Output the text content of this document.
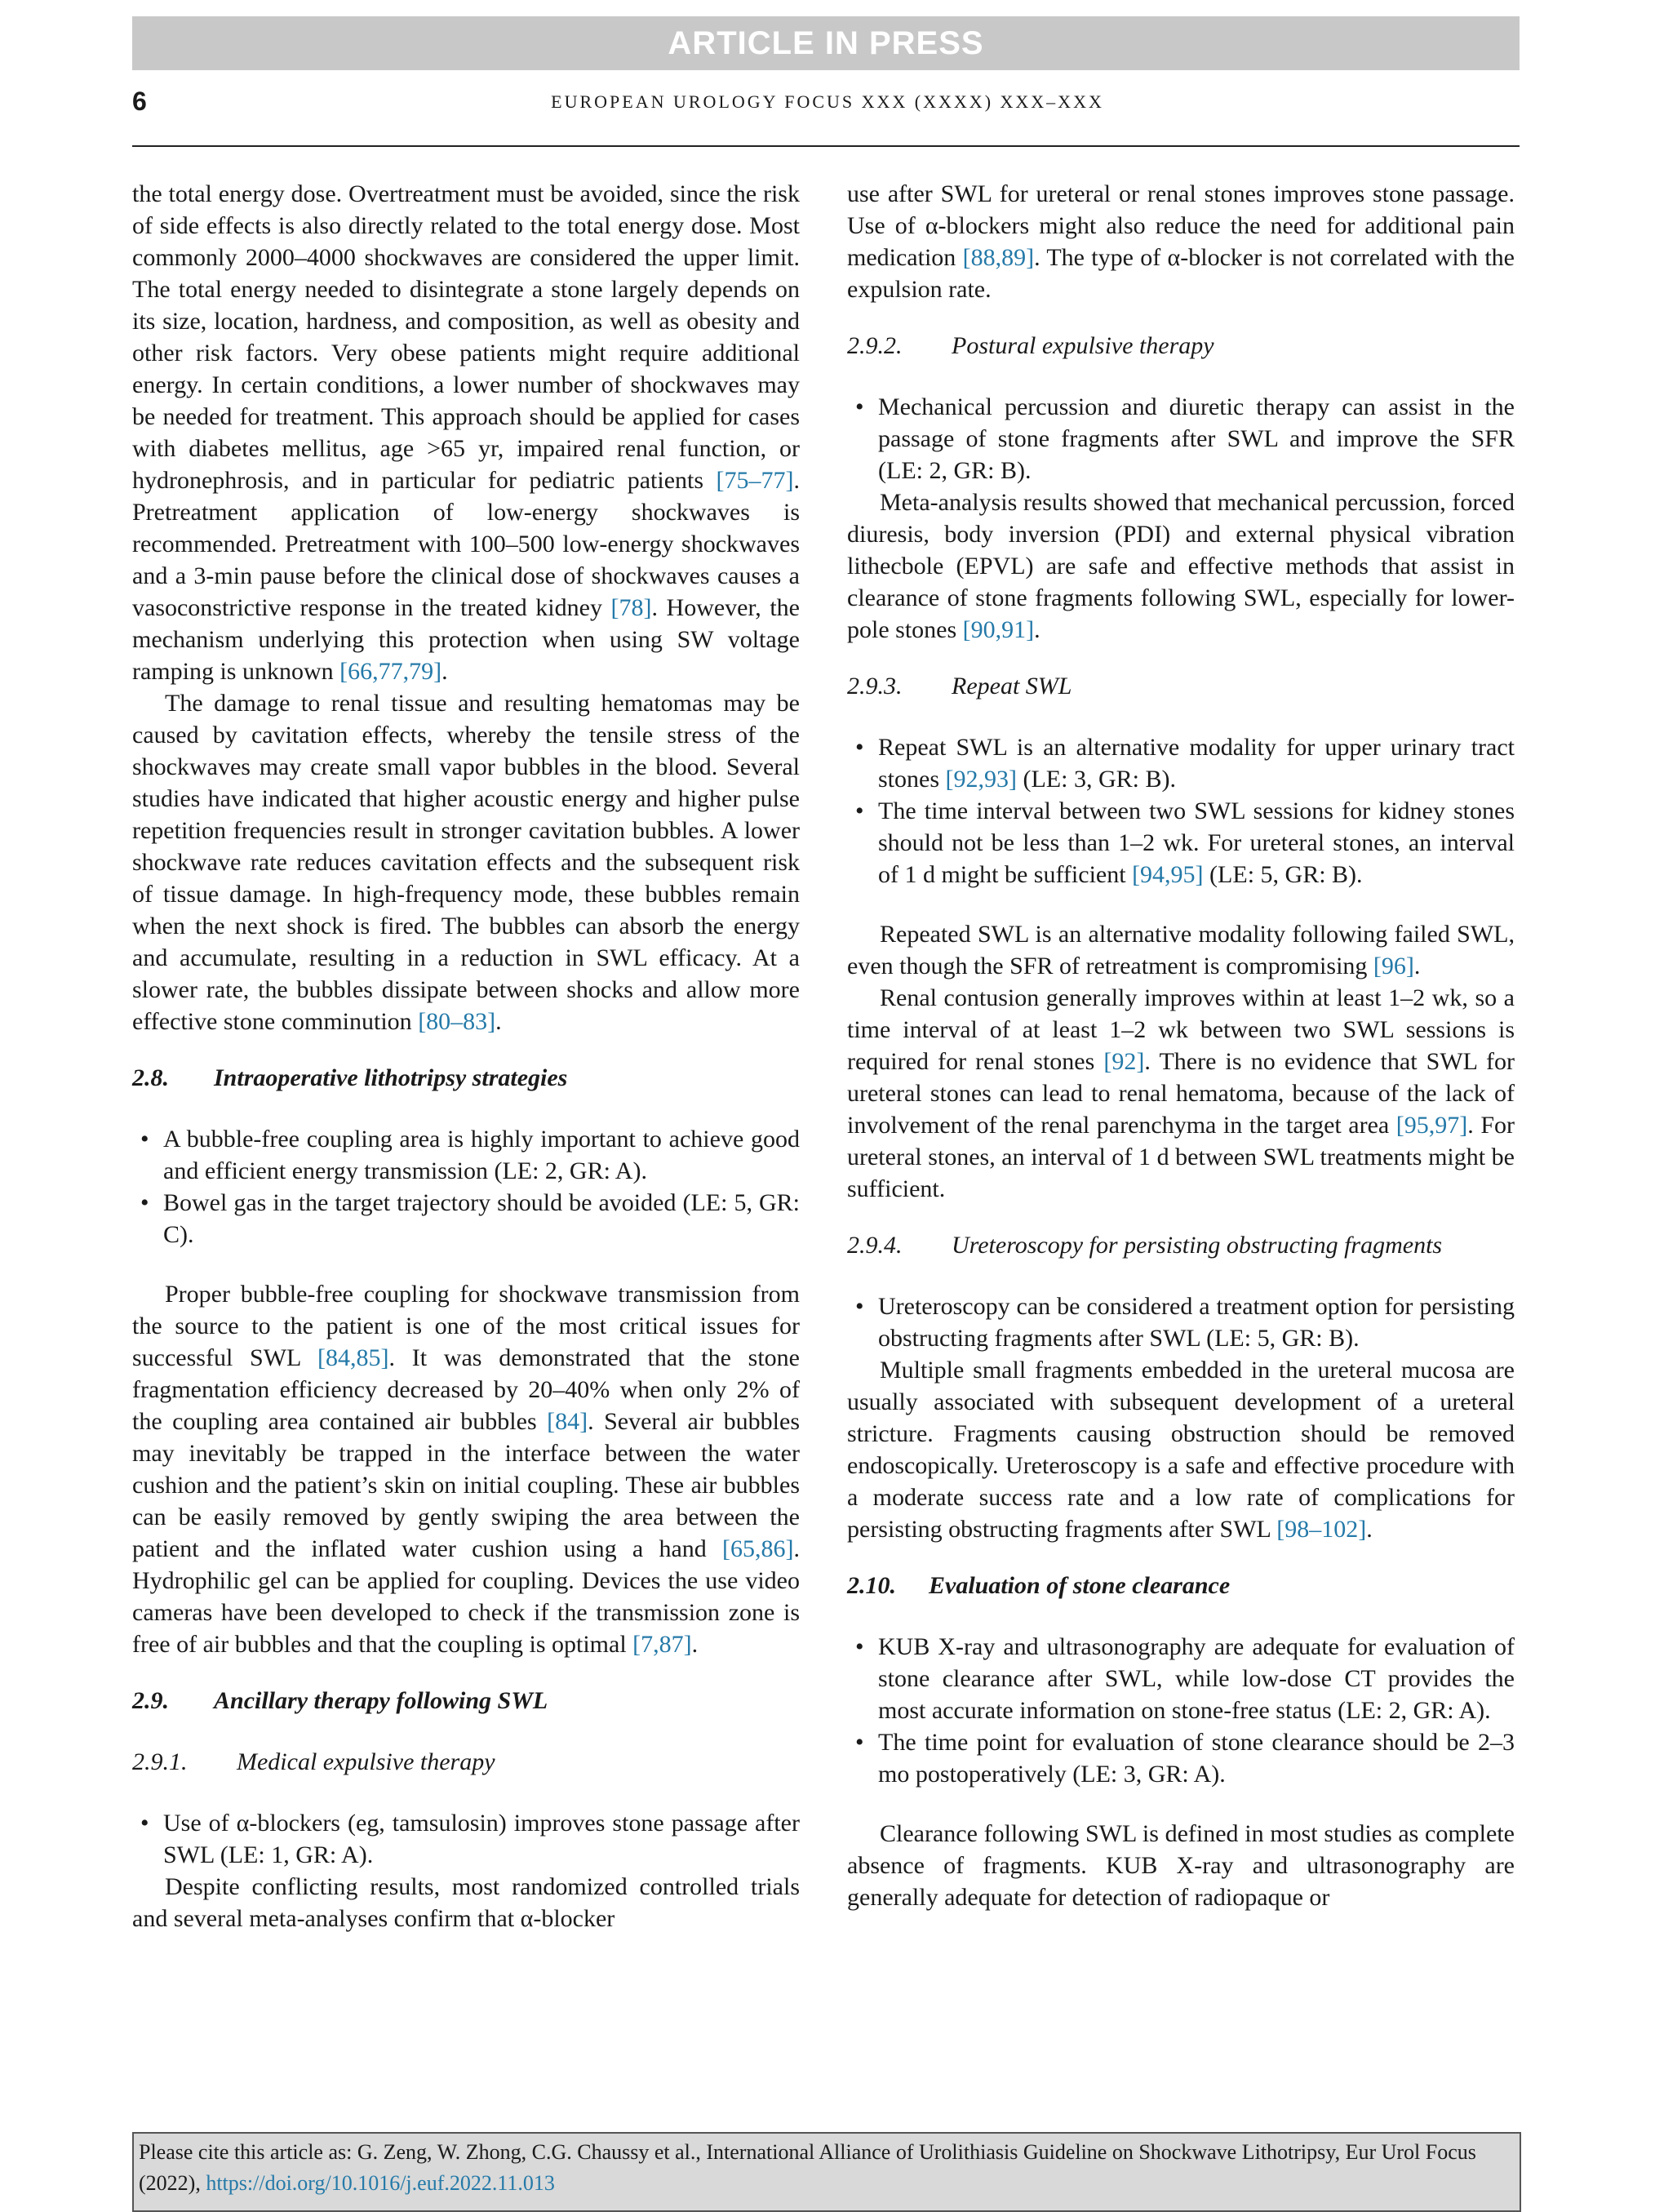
ARTICLE IN PRESS
6	EUROPEAN UROLOGY FOCUS XXX (XXXX) XXX–XXX

the total energy dose. Overtreatment must be avoided, since the risk of side effects is also directly related to the total energy dose. Most commonly 2000–4000 shockwaves are considered the upper limit. The total energy needed to disintegrate a stone largely depends on its size, location, hardness, and composition, as well as obesity and other risk factors. Very obese patients might require additional energy. In certain conditions, a lower number of shockwaves may be needed for treatment. This approach should be applied for cases with diabetes mellitus, age >65 yr, impaired renal function, or hydronephrosis, and in particular for pediatric patients [75–77]. Pretreatment application of low-energy shockwaves is recommended. Pretreatment with 100–500 low-energy shockwaves and a 3-min pause before the clinical dose of shockwaves causes a vasoconstrictive response in the treated kidney [78]. However, the mechanism underlying this protection when using SW voltage ramping is unknown [66,77,79].

The damage to renal tissue and resulting hematomas may be caused by cavitation effects, whereby the tensile stress of the shockwaves may create small vapor bubbles in the blood. Several studies have indicated that higher acoustic energy and higher pulse repetition frequencies result in stronger cavitation bubbles. A lower shockwave rate reduces cavitation effects and the subsequent risk of tissue damage. In high-frequency mode, these bubbles remain when the next shock is fired. The bubbles can absorb the energy and accumulate, resulting in a reduction in SWL efficacy. At a slower rate, the bubbles dissipate between shocks and allow more effective stone comminution [80–83].

2.8. Intraoperative lithotripsy strategies
• A bubble-free coupling area is highly important to achieve good and efficient energy transmission (LE: 2, GR: A).
• Bowel gas in the target trajectory should be avoided (LE: 5, GR: C).

Proper bubble-free coupling for shockwave transmission from the source to the patient is one of the most critical issues for successful SWL [84,85]. It was demonstrated that the stone fragmentation efficiency decreased by 20–40% when only 2% of the coupling area contained air bubbles [84]. Several air bubbles may inevitably be trapped in the interface between the water cushion and the patient’s skin on initial coupling. These air bubbles can be easily removed by gently swiping the area between the patient and the inflated water cushion using a hand [65,86]. Hydrophilic gel can be applied for coupling. Devices the use video cameras have been developed to check if the transmission zone is free of air bubbles and that the coupling is optimal [7,87].

2.9. Ancillary therapy following SWL
2.9.1. Medical expulsive therapy
• Use of α-blockers (eg, tamsulosin) improves stone passage after SWL (LE: 1, GR: A).

Despite conflicting results, most randomized controlled trials and several meta-analyses confirm that α-blocker

use after SWL for ureteral or renal stones improves stone passage. Use of α-blockers might also reduce the need for additional pain medication [88,89]. The type of α-blocker is not correlated with the expulsion rate.

2.9.2. Postural expulsive therapy
• Mechanical percussion and diuretic therapy can assist in the passage of stone fragments after SWL and improve the SFR (LE: 2, GR: B).

Meta-analysis results showed that mechanical percussion, forced diuresis, body inversion (PDI) and external physical vibration lithecbole (EPVL) are safe and effective methods that assist in clearance of stone fragments following SWL, especially for lower-pole stones [90,91].

2.9.3. Repeat SWL
• Repeat SWL is an alternative modality for upper urinary tract stones [92,93] (LE: 3, GR: B).
• The time interval between two SWL sessions for kidney stones should not be less than 1–2 wk. For ureteral stones, an interval of 1 d might be sufficient [94,95] (LE: 5, GR: B).

Repeated SWL is an alternative modality following failed SWL, even though the SFR of retreatment is compromising [96].

Renal contusion generally improves within at least 1–2 wk, so a time interval of at least 1–2 wk between two SWL sessions is required for renal stones [92]. There is no evidence that SWL for ureteral stones can lead to renal hematoma, because of the lack of involvement of the renal parenchyma in the target area [95,97]. For ureteral stones, an interval of 1 d between SWL treatments might be sufficient.

2.9.4. Ureteroscopy for persisting obstructing fragments
• Ureteroscopy can be considered a treatment option for persisting obstructing fragments after SWL (LE: 5, GR: B).

Multiple small fragments embedded in the ureteral mucosa are usually associated with subsequent development of a ureteral stricture. Fragments causing obstruction should be removed endoscopically. Ureteroscopy is a safe and effective procedure with a moderate success rate and a low rate of complications for persisting obstructing fragments after SWL [98–102].

2.10. Evaluation of stone clearance
• KUB X-ray and ultrasonography are adequate for evaluation of stone clearance after SWL, while low-dose CT provides the most accurate information on stone-free status (LE: 2, GR: A).
• The time point for evaluation of stone clearance should be 2–3 mo postoperatively (LE: 3, GR: A).

Clearance following SWL is defined in most studies as complete absence of fragments. KUB X-ray and ultrasonography are generally adequate for detection of radiopaque or

Please cite this article as: G. Zeng, W. Zhong, C.G. Chaussy et al., International Alliance of Urolithiasis Guideline on Shockwave Lithotripsy, Eur Urol Focus (2022), https://doi.org/10.1016/j.euf.2022.11.013
